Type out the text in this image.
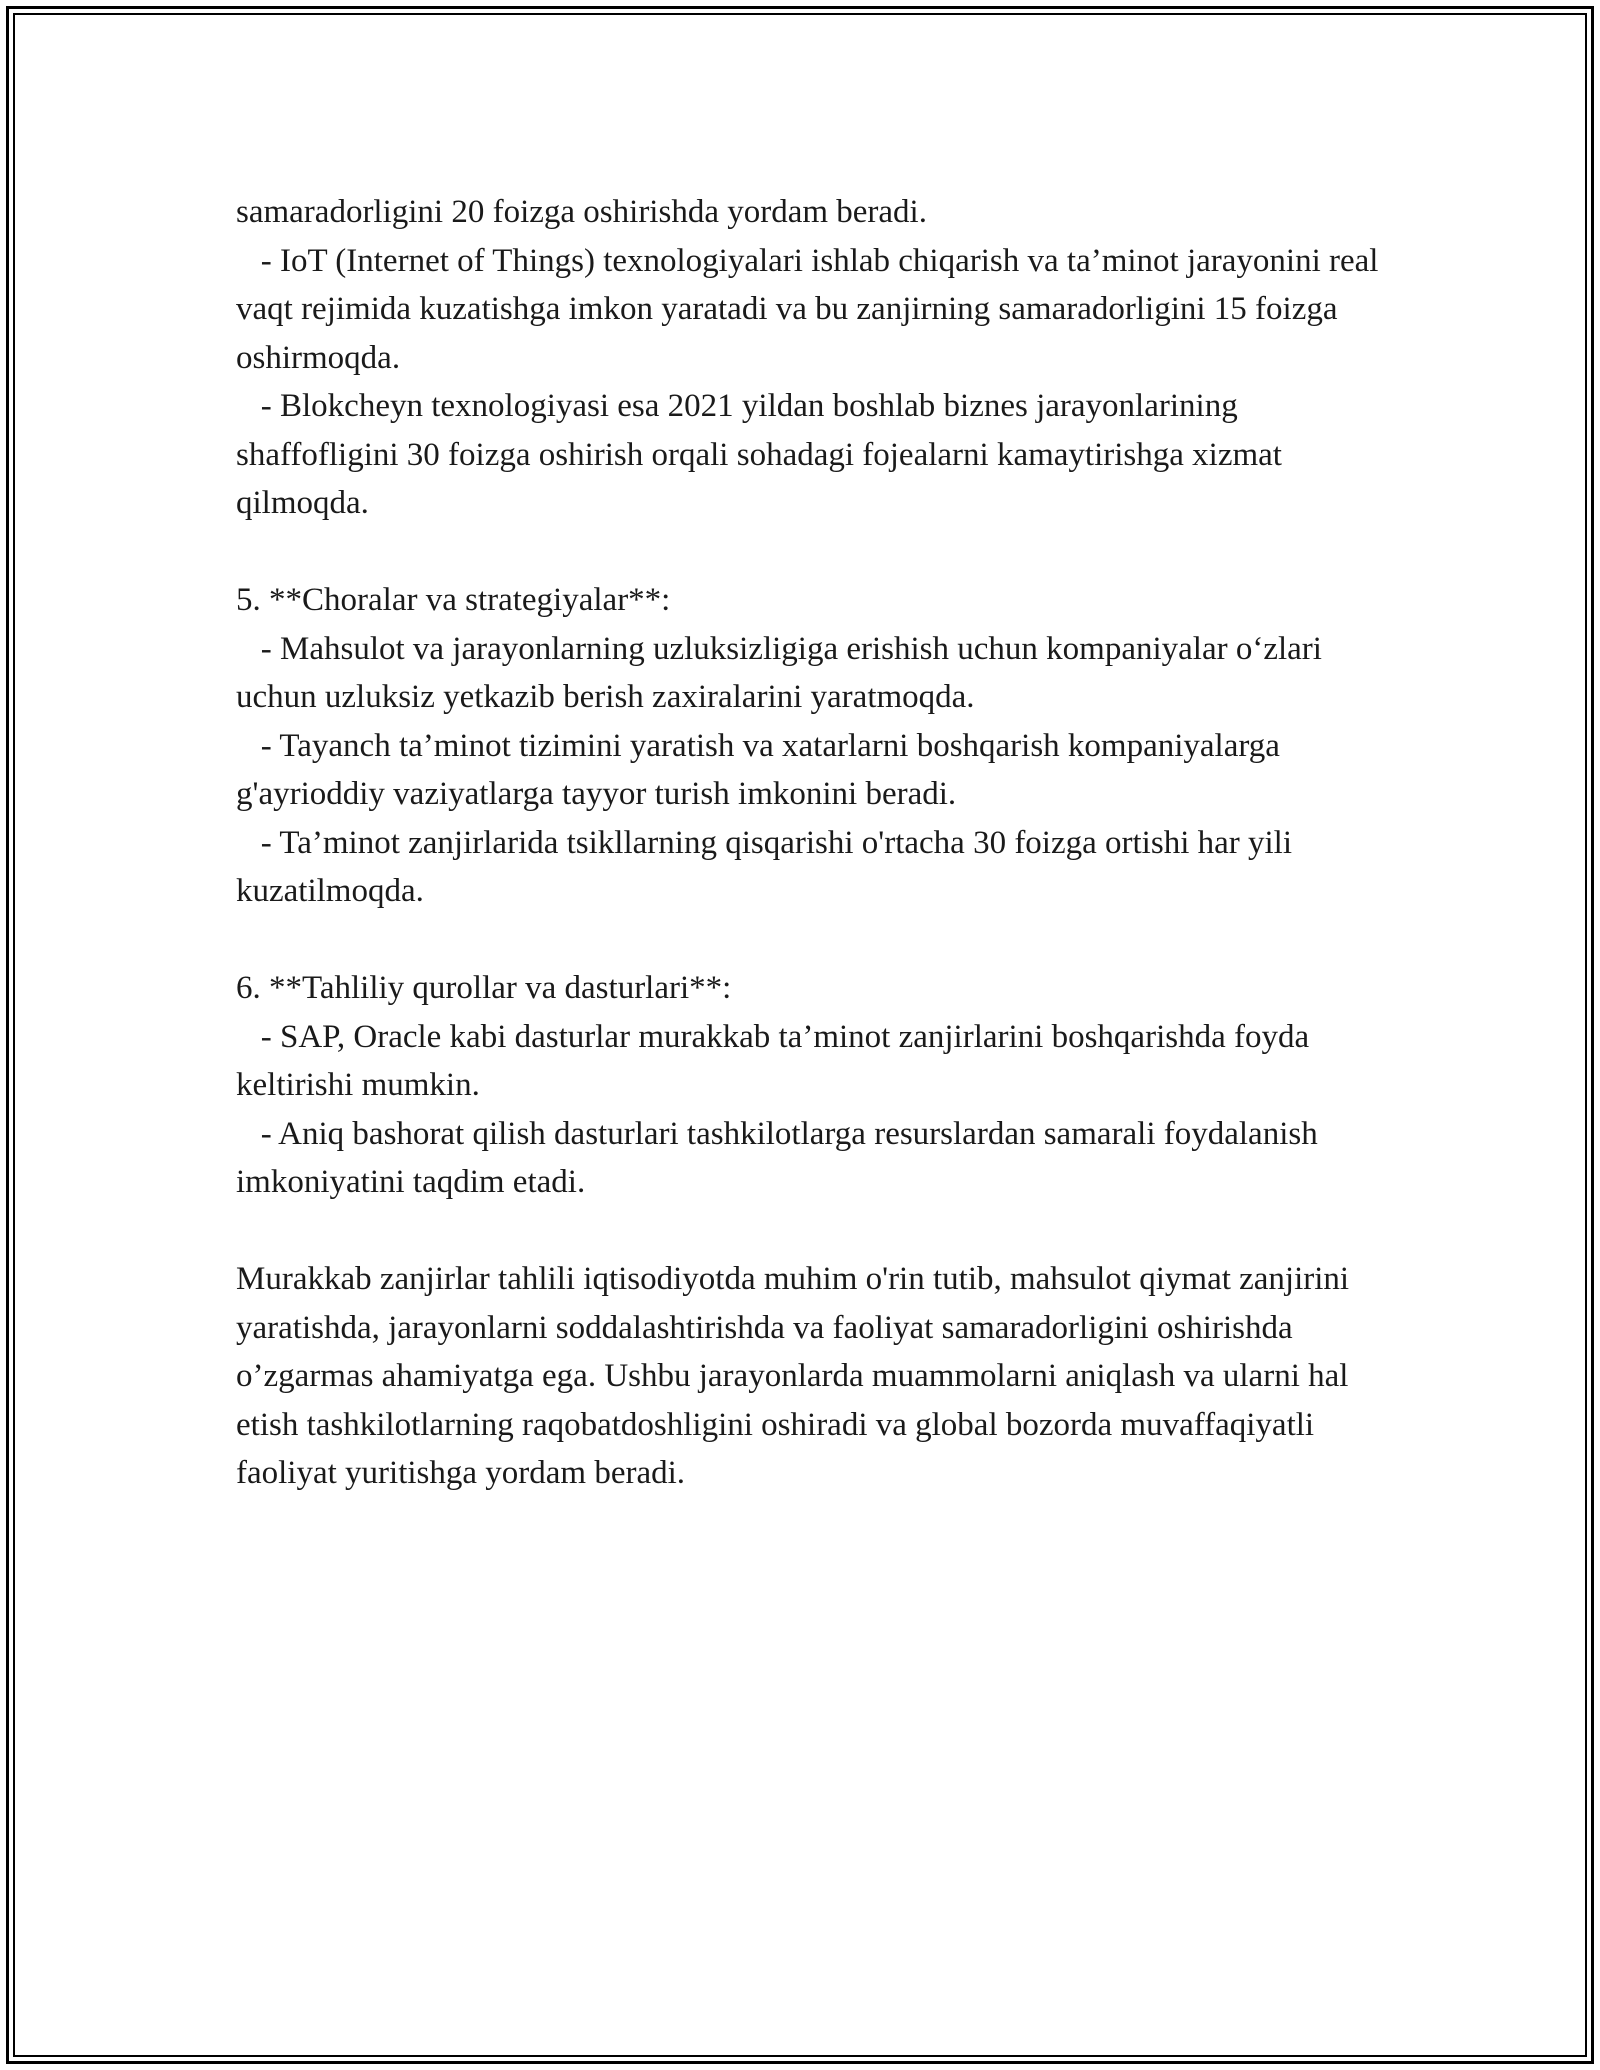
samaradorligini 20 foizga oshirishda yordam beradi.
- IoT (Internet of Things) texnologiyalari ishlab chiqarish va ta’minot jarayonini real vaqt rejimida kuzatishga imkon yaratadi va bu zanjirning samaradorligini 15 foizga oshirmoqda.
- Blokcheyn texnologiyasi esa 2021 yildan boshlab biznes jarayonlarining shaffofligini 30 foizga oshirish orqali sohadagi fojealarni kamaytirishga xizmat qilmoqda.

5. **Choralar va strategiyalar**:
- Mahsulot va jarayonlarning uzluksizligiga erishish uchun kompaniyalar o‘zlari uchun uzluksiz yetkazib berish zaxiralarini yaratmoqda.
- Tayanch ta’minot tizimini yaratish va xatarlarni boshqarish kompaniyalarga g'ayrioddiy vaziyatlarga tayyor turish imkonini beradi.
- Ta’minot zanjirlarida tsikllarning qisqarishi o'rtacha 30 foizga ortishi har yili kuzatilmoqda.

6. **Tahliliy qurollar va dasturlari**:
- SAP, Oracle kabi dasturlar murakkab ta’minot zanjirlarini boshqarishda foyda keltirishi mumkin.
- Aniq bashorat qilish dasturlari tashkilotlarga resurslardan samarali foydalanish imkoniyatini taqdim etadi.

Murakkab zanjirlar tahlili iqtisodiyotda muhim o'rin tutib, mahsulot qiymat zanjirini yaratishda, jarayonlarni soddalashtirishda va faoliyat samaradorligini oshirishda o’zgarmas ahamiyatga ega. Ushbu jarayonlarda muammolarni aniqlash va ularni hal etish tashkilotlarning raqobatdoshligini oshiradi va global bozorda muvaffaqiyatli faoliyat yuritishga yordam beradi.
